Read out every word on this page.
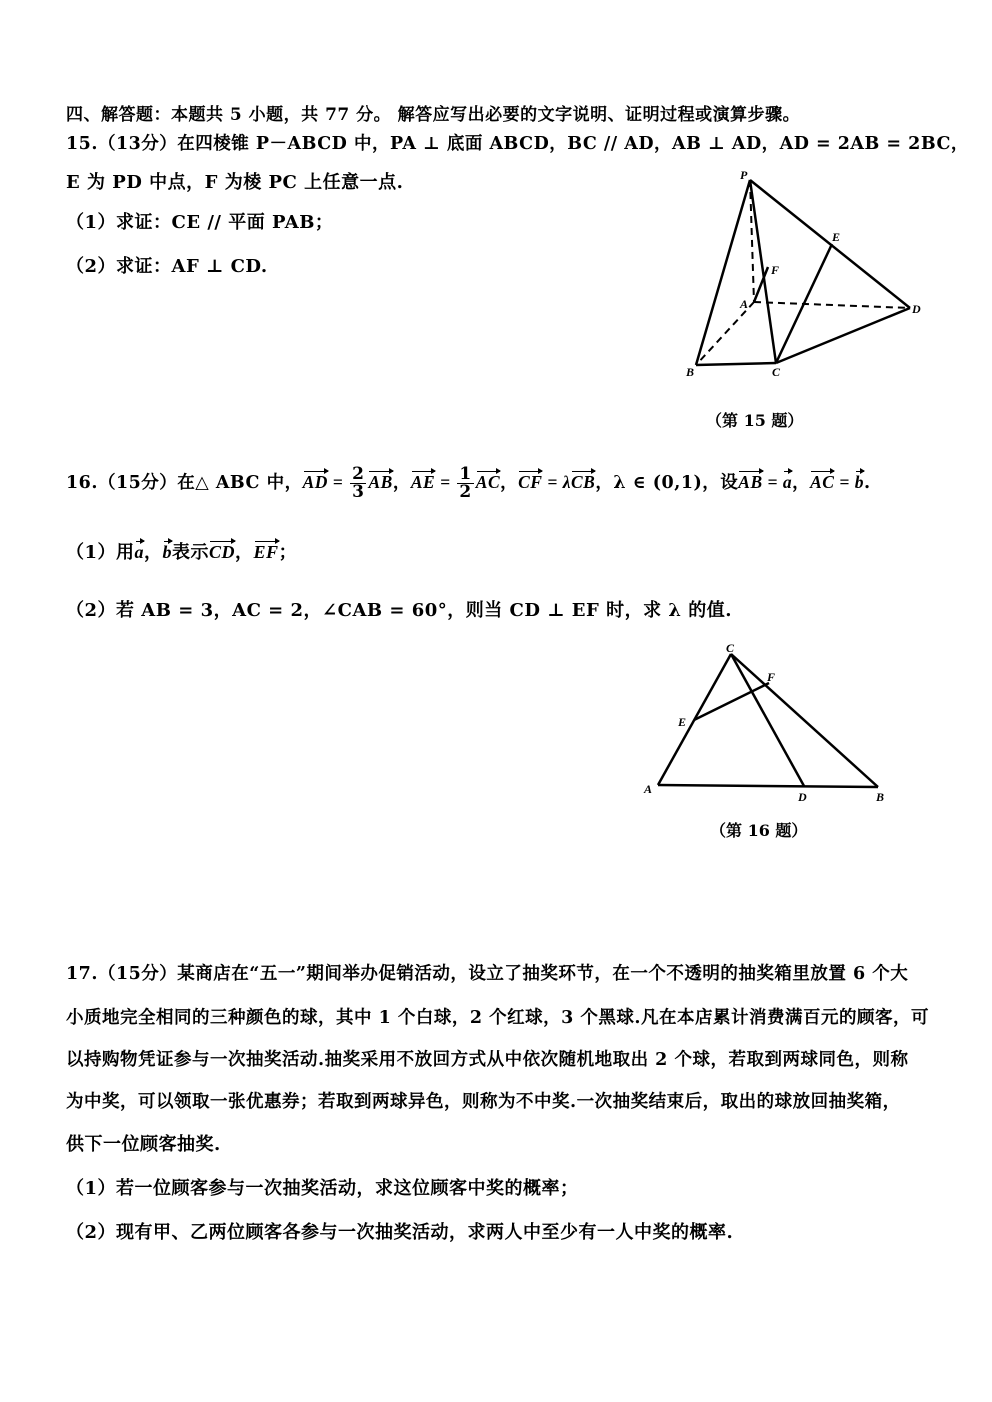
四、解答题：本题共 5 小题，共 77 分。 解答应写出必要的文字说明、证明过程或演算步骤。
15.（13分）在四棱锥 P－ABCD 中，PA ⊥ 底面 ABCD，BC // AD，AB ⊥ AD，AD = 2AB = 2BC，
E 为 PD 中点，F 为棱 PC 上任意一点.
（1）求证：CE // 平面 PAB；
（2）求证：AF ⊥ CD.
P
E
F
A	D
B	C
（第 15 题）
16.（15分）在△ ABC 中，AD = $\frac{2}{3}$ AB，AE = $\frac{1}{2}$ AC，CF = λCB，λ ∈ (0,1)，设AB = a，AC = b.
（1）用a，b表示CD，EF；
（2）若 AB = 3，AC = 2，∠CAB = 60°，则当 CD ⊥ EF 时，求 λ 的值.
C
F
E
A
D	B
（第 16 题）
17.（15分）某商店在“五一”期间举办促销活动，设立了抽奖环节，在一个不透明的抽奖箱里放置 6 个大
小质地完全相同的三种颜色的球，其中 1 个白球，2 个红球，3 个黑球.凡在本店累计消费满百元的顾客，可
以持购物凭证参与一次抽奖活动.抽奖采用不放回方式从中依次随机地取出 2 个球，若取到两球同色，则称
为中奖，可以领取一张优惠券；若取到两球异色，则称为不中奖.一次抽奖结束后，取出的球放回抽奖箱，
供下一位顾客抽奖.
（1）若一位顾客参与一次抽奖活动，求这位顾客中奖的概率；
（2）现有甲、乙两位顾客各参与一次抽奖活动，求两人中至少有一人中奖的概率.
